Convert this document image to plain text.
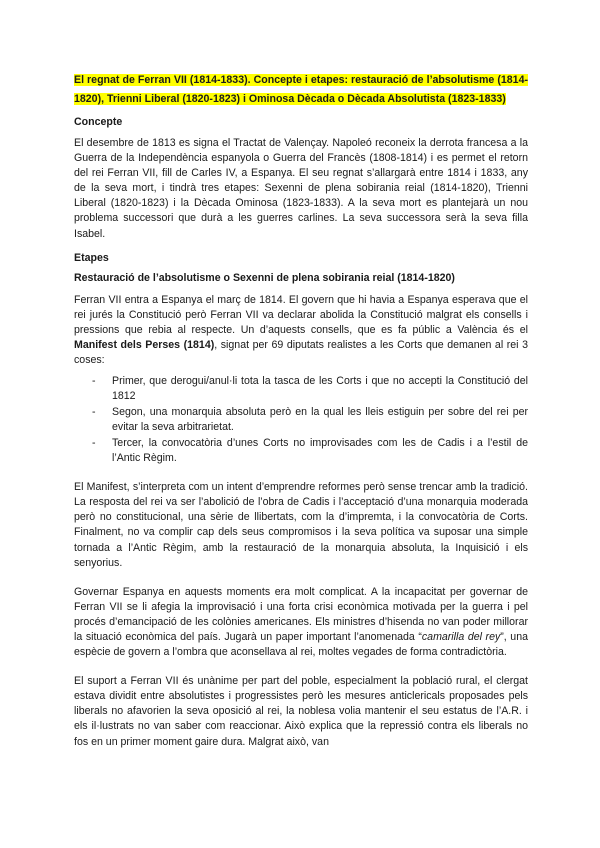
El regnat de Ferran VII (1814-1833). Concepte i etapes: restauració de l’absolutisme (1814-1820), Trienni Liberal (1820-1823) i Ominosa Dècada o Dècada Absolutista (1823-1833)
Concepte

El desembre de 1813 es signa el Tractat de Valençay. Napoleó reconeix la derrota francesa a la Guerra de la Independència espanyola o Guerra del Francès (1808-1814) i es permet el retorn del rei Ferran VII, fill de Carles IV, a Espanya. El seu regnat s’allargarà entre 1814 i 1833, any de la seva mort, i tindrà tres etapes: Sexenni de plena sobirania reial (1814-1820), Trienni Liberal (1820-1823) i la Dècada Ominosa (1823-1833). A la seva mort es plantejarà un nou problema successori que durà a les guerres carlines. La seva successora serà la seva filla Isabel.

Etapes
Restauració de l’absolutisme o Sexenni de plena sobirania reial (1814-1820)

Ferran VII entra a Espanya el març de 1814. El govern que hi havia a Espanya esperava que el rei jurés la Constitució però Ferran VII va declarar abolida la Constitució malgrat els consells i pressions que rebia al respecte. Un d’aquests consells, que es fa públic a València és el Manifest dels Perses (1814), signat per 69 diputats realistes a les Corts que demanen al rei 3 coses:

- Primer, que derogui/anul·li tota la tasca de les Corts i que no accepti la Constitució del 1812
- Segon, una monarquia absoluta però en la qual les lleis estiguin per sobre del rei per evitar la seva arbitrarietat.
- Tercer, la convocatòria d’unes Corts no improvisades com les de Cadis i a l’estil de l’Antic Règim.

El Manifest, s’interpreta com un intent d’emprendre reformes però sense trencar amb la tradició. La resposta del rei va ser l’abolició de l’obra de Cadis i l’acceptació d’una monarquia moderada però no constitucional, una sèrie de llibertats, com la d’impremta, i la convocatòria de Corts. Finalment, no va complir cap dels seus compromisos i la seva política va suposar una simple tornada a l’Antic Règim, amb la restauració de la monarquia absoluta, la Inquisició i els senyorius.

Governar Espanya en aquests moments era molt complicat. A la incapacitat per governar de Ferran VII se li afegia la improvisació i una forta crisi econòmica motivada per la guerra i pel procés d’emancipació de les colònies americanes. Els ministres d’hisenda no van poder millorar la situació econòmica del país. Jugarà un paper important l’anomenada “camarilla del rey”, una espècie de govern a l’ombra que aconsellava al rei, moltes vegades de forma contradictòria.

El suport a Ferran VII és unànime per part del poble, especialment la població rural, el clergat estava dividit entre absolutistes i progressistes però les mesures anticlericals proposades pels liberals no afavorien la seva oposició al rei, la noblesa volia mantenir el seu estatus de l’A.R. i els il·lustrats no van saber com reaccionar. Això explica que la repressió contra els liberals no fos en un primer moment gaire dura. Malgrat això, van
